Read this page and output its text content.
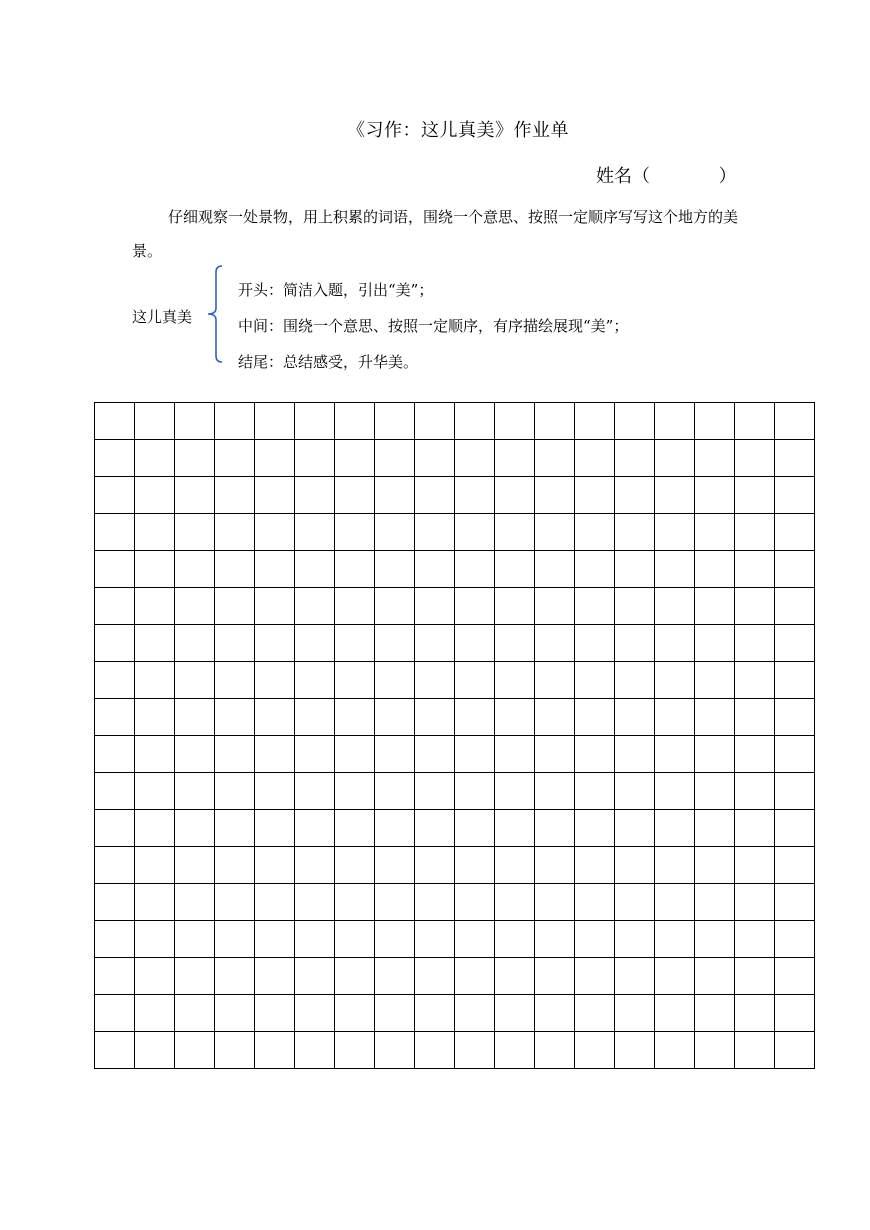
《习作：这儿真美》作业单
姓名（            ）
仔细观察一处景物，用上积累的词语，围绕一个意思、按照一定顺序写写这个地方的美景。
这儿真美
开头：简洁入题，引出“美”；
中间：围绕一个意思、按照一定顺序，有序描绘展现“美”；
结尾：总结感受，升华美。
